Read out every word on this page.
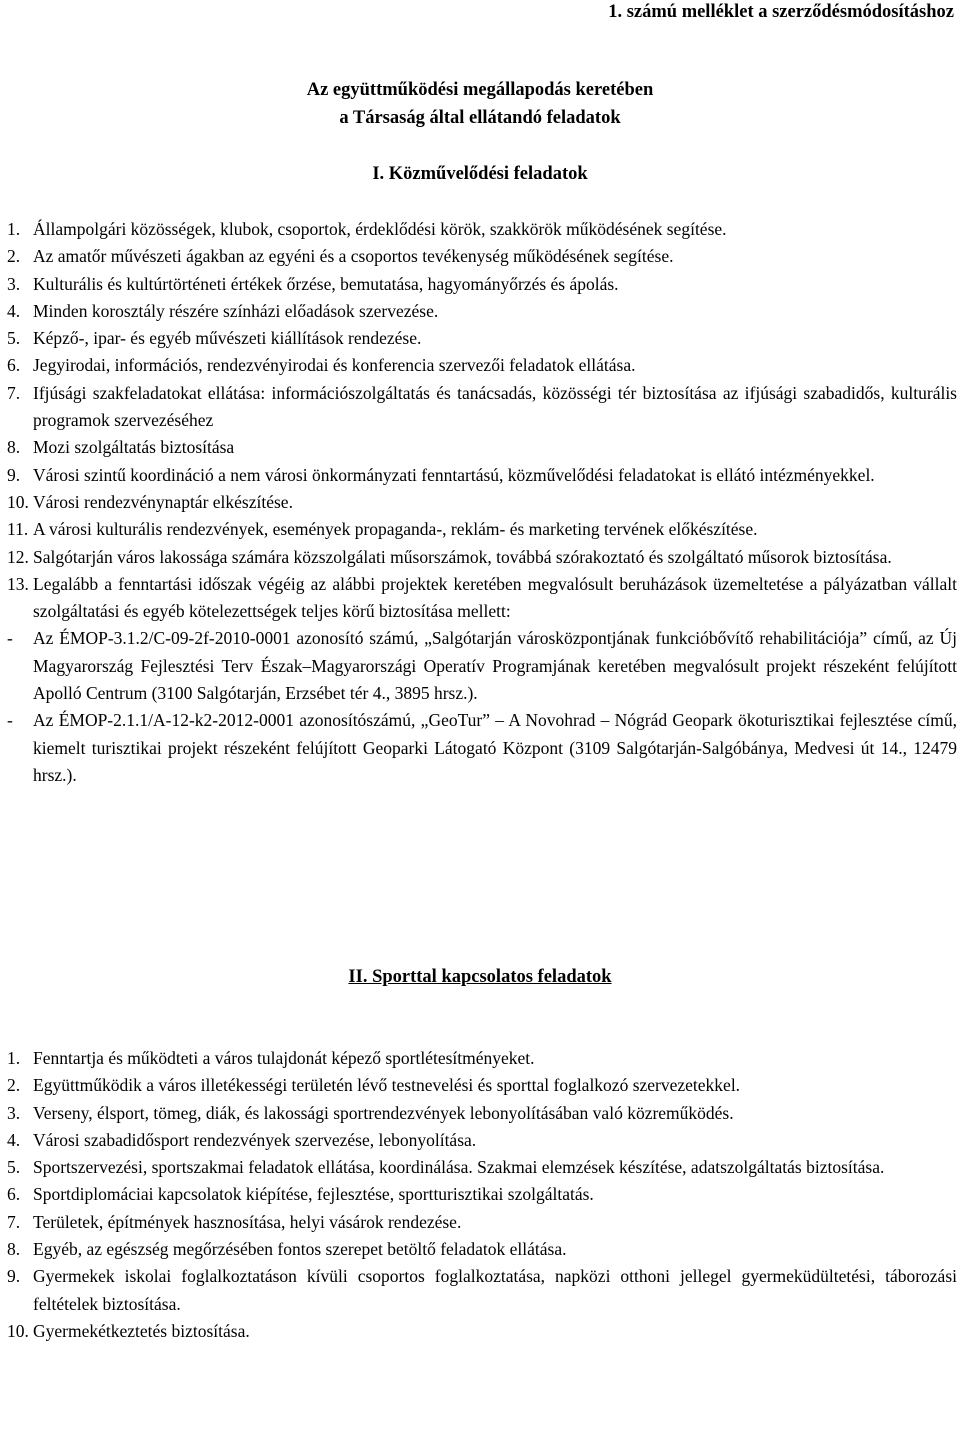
1. számú melléklet a szerződésmódosításhoz
Az együttműködési megállapodás keretében
a Társaság által ellátandó feladatok
I. Közművelődési feladatok
1. Állampolgári közösségek, klubok, csoportok, érdeklődési körök, szakkörök működésének segítése.
2. Az amatőr művészeti ágakban az egyéni és a csoportos tevékenység működésének segítése.
3. Kulturális és kultúrtörténeti értékek őrzése, bemutatása, hagyományőrzés és ápolás.
4. Minden korosztály részére színházi előadások szervezése.
5. Képző-, ipar- és egyéb művészeti kiállítások rendezése.
6. Jegyirodai, információs, rendezvényirodai és konferencia szervezői feladatok ellátása.
7. Ifjúsági szakfeladatokat ellátása: információszolgáltatás és tanácsadás, közösségi tér biztosítása az ifjúsági szabadidős, kulturális programok szervezéséhez
8. Mozi szolgáltatás biztosítása
9. Városi szintű koordináció a nem városi önkormányzati fenntartású, közművelődési feladatokat is ellátó intézményekkel.
10. Városi rendezvénynaptár elkészítése.
11. A városi kulturális rendezvények, események propaganda-, reklám- és marketing tervének előkészítése.
12. Salgótarján város lakossága számára közszolgálati műsorszámok, továbbá szórakoztató és szolgáltató műsorok biztosítása.
13. Legalább a fenntartási időszak végéig az alábbi projektek keretében megvalósult beruházások üzemeltetése a pályázatban vállalt szolgáltatási és egyéb kötelezettségek teljes körű biztosítása mellett:
-	Az ÉMOP-3.1.2/C-09-2f-2010-0001 azonosító számú, „Salgótarján városközpontjának funkcióbővítő rehabilitációja” című, az Új Magyarország Fejlesztési Terv Észak–Magyarországi Operatív Programjának keretében megvalósult projekt részeként felújított Apolló Centrum (3100 Salgótarján, Erzsébet tér 4., 3895 hrsz.).
-	Az ÉMOP-2.1.1/A-12-k2-2012-0001 azonosítószámú, „GeoTur” – A Novohrad – Nógrád Geopark ökoturisztikai fejlesztése című, kiemelt turisztikai projekt részeként felújított Geoparki Látogató Központ (3109 Salgótarján-Salgóbánya, Medvesi út 14., 12479 hrsz.).
II. Sporttal kapcsolatos feladatok
1. Fenntartja és működteti a város tulajdonát képező sportlétesítményeket.
2. Együttműködik a város illetékességi területén lévő testnevelési és sporttal foglalkozó szervezetekkel.
3. Verseny, élsport, tömeg, diák, és lakossági sportrendezvények lebonyolításában való közreműködés.
4. Városi szabadidősport rendezvények szervezése, lebonyolítása.
5. Sportszervezési, sportszakmai feladatok ellátása, koordinálása. Szakmai elemzések készítése, adatszolgáltatás biztosítása.
6. Sportdiplomáciai kapcsolatok kiépítése, fejlesztése, sportturisztikai szolgáltatás.
7. Területek, építmények hasznosítása, helyi vásárok rendezése.
8. Egyéb, az egészség megőrzésében fontos szerepet betöltő feladatok ellátása.
9. Gyermekek iskolai foglalkoztatáson kívüli csoportos foglalkoztatása, napközi otthoni jellegel gyermeküdültetési, táborozási feltételek biztosítása.
10. Gyermekétkeztetés biztosítása.
